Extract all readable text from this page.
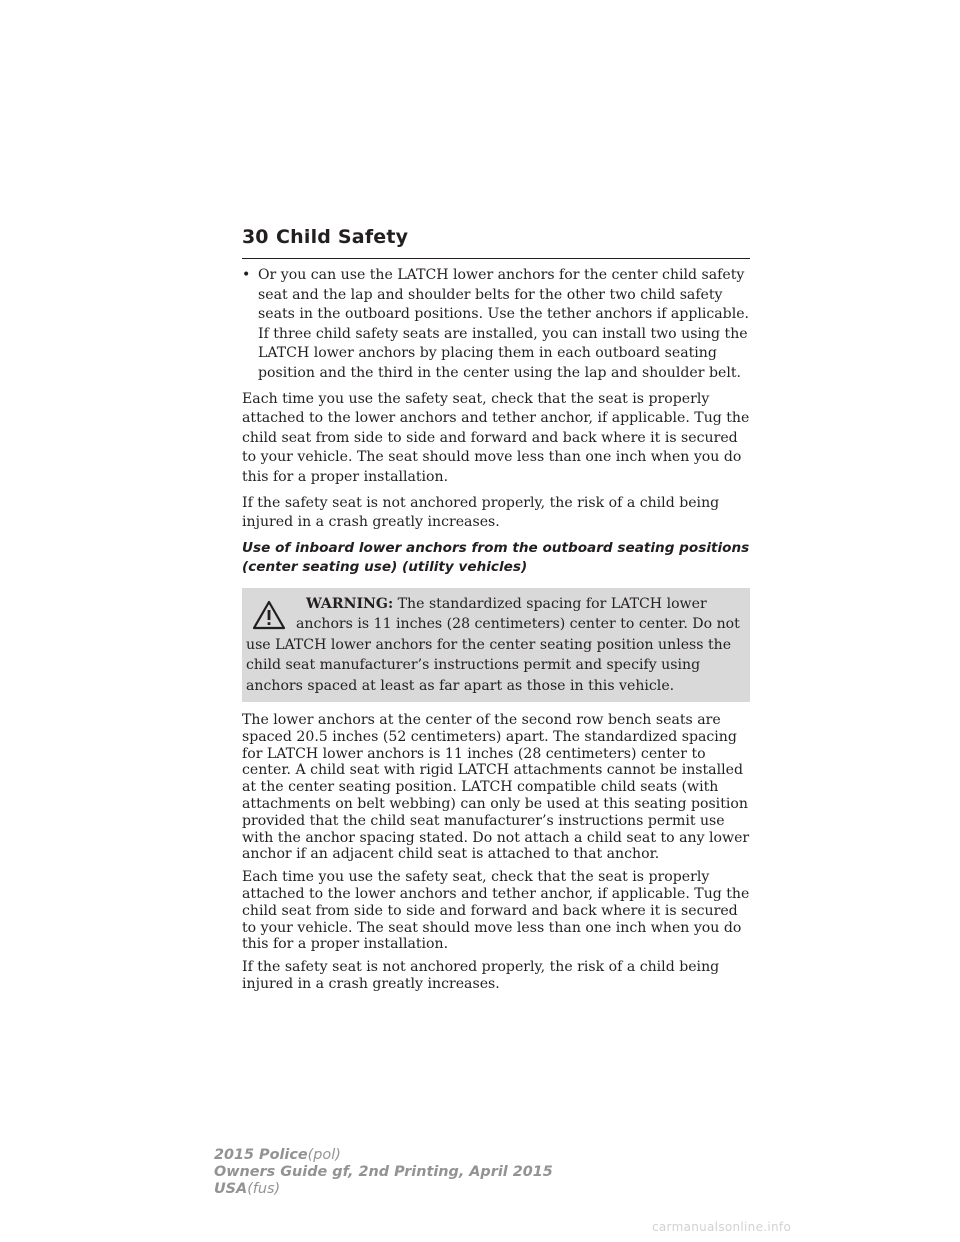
30 Child Safety
• Or you can use the LATCH lower anchors for the center child safety seat and the lap and shoulder belts for the other two child safety seats in the outboard positions. Use the tether anchors if applicable. If three child safety seats are installed, you can install two using the LATCH lower anchors by placing them in each outboard seating position and the third in the center using the lap and shoulder belt.

Each time you use the safety seat, check that the seat is properly attached to the lower anchors and tether anchor, if applicable. Tug the child seat from side to side and forward and back where it is secured to your vehicle. The seat should move less than one inch when you do this for a proper installation.

If the safety seat is not anchored properly, the risk of a child being injured in a crash greatly increases.

Use of inboard lower anchors from the outboard seating positions (center seating use) (utility vehicles)
WARNING: The standardized spacing for LATCH lower anchors is 11 inches (28 centimeters) center to center. Do not use LATCH lower anchors for the center seating position unless the child seat manufacturer’s instructions permit and specify using anchors spaced at least as far apart as those in this vehicle.

The lower anchors at the center of the second row bench seats are spaced 20.5 inches (52 centimeters) apart. The standardized spacing for LATCH lower anchors is 11 inches (28 centimeters) center to center. A child seat with rigid LATCH attachments cannot be installed at the center seating position. LATCH compatible child seats (with attachments on belt webbing) can only be used at this seating position provided that the child seat manufacturer’s instructions permit use with the anchor spacing stated. Do not attach a child seat to any lower anchor if an adjacent child seat is attached to that anchor.

Each time you use the safety seat, check that the seat is properly attached to the lower anchors and tether anchor, if applicable. Tug the child seat from side to side and forward and back where it is secured to your vehicle. The seat should move less than one inch when you do this for a proper installation.

If the safety seat is not anchored properly, the risk of a child being injured in a crash greatly increases.

2015 Police(pol)
Owners Guide gf, 2nd Printing, April 2015
USA(fus)
carmanualsonline.info
